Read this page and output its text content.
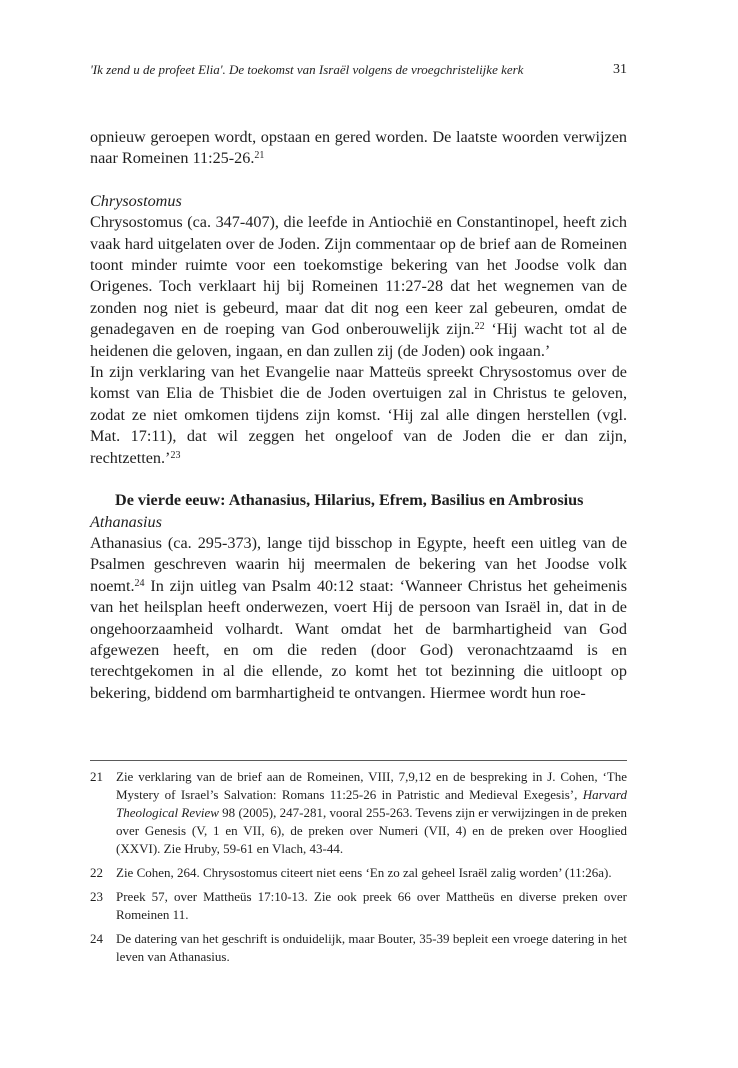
'Ik zend u de profeet Elia'. De toekomst van Israël volgens de vroegchristelijke kerk	31

opnieuw geroepen wordt, opstaan en gered worden. De laatste woorden verwijzen naar Romeinen 11:25-26.21

Chrysostomus

Chrysostomus (ca. 347-407), die leefde in Antiochië en Constantinopel, heeft zich vaak hard uitgelaten over de Joden. Zijn commentaar op de brief aan de Romeinen toont minder ruimte voor een toekomstige bekering van het Joodse volk dan Origenes. Toch verklaart hij bij Romeinen 11:27-28 dat het wegnemen van de zonden nog niet is gebeurd, maar dat dit nog een keer zal gebeuren, omdat de genadegaven en de roeping van God onberouwelijk zijn.$^{22}$ ‘Hij wacht tot al de heidenen die geloven, ingaan, en dan zullen zij (de Joden) ook ingaan.’

In zijn verklaring van het Evangelie naar Matteüs spreekt Chrysostomus over de komst van Elia de Thisbiet die de Joden overtuigen zal in Christus te geloven, zodat ze niet omkomen tijdens zijn komst. ‘Hij zal alle dingen herstellen (vgl. Mat. 17:11), dat wil zeggen het ongeloof van de Joden die er dan zijn, rechtzetten.’$^{23}$

De vierde eeuw: Athanasius, Hilarius, Efrem, Basilius en Ambrosius

Athanasius

Athanasius (ca. 295-373), lange tijd bisschop in Egypte, heeft een uitleg van de Psalmen geschreven waarin hij meermalen de bekering van het Joodse volk noemt.$^{24}$ In zijn uitleg van Psalm 40:12 staat: ‘Wanneer Christus het geheimenis van het heilsplan heeft onderwezen, voert Hij de persoon van Israël in, dat in de ongehoorzaamheid volhardt. Want omdat het de barmhartigheid van God afgewezen heeft, en om die reden (door God) veronachtzaamd is en terechtgekomen in al die ellende, zo komt het tot bezinning die uitloopt op bekering, biddend om barmhartigheid te ontvangen. Hiermee wordt hun roe-

21	Zie verklaring van de brief aan de Romeinen, VIII, 7,9,12 en de bespreking in J. Cohen, ‘The Mystery of Israel’s Salvation: Romans 11:25-26 in Patristic and Medieval Exegesis’, Harvard Theological Review 98 (2005), 247-281, vooral 255-263. Tevens zijn er verwijzingen in de preken over Genesis (V, 1 en VII, 6), de preken over Numeri (VII, 4) en de preken over Hooglied (XXVI). Zie Hruby, 59-61 en Vlach, 43-44.
22	Zie Cohen, 264. Chrysostomus citeert niet eens ‘En zo zal geheel Israël zalig worden’ (11:26a).
23	Preek 57, over Mattheüs 17:10-13. Zie ook preek 66 over Mattheüs en diverse preken over Romeinen 11.
24	De datering van het geschrift is onduidelijk, maar Bouter, 35-39 bepleit een vroege datering in het leven van Athanasius.
